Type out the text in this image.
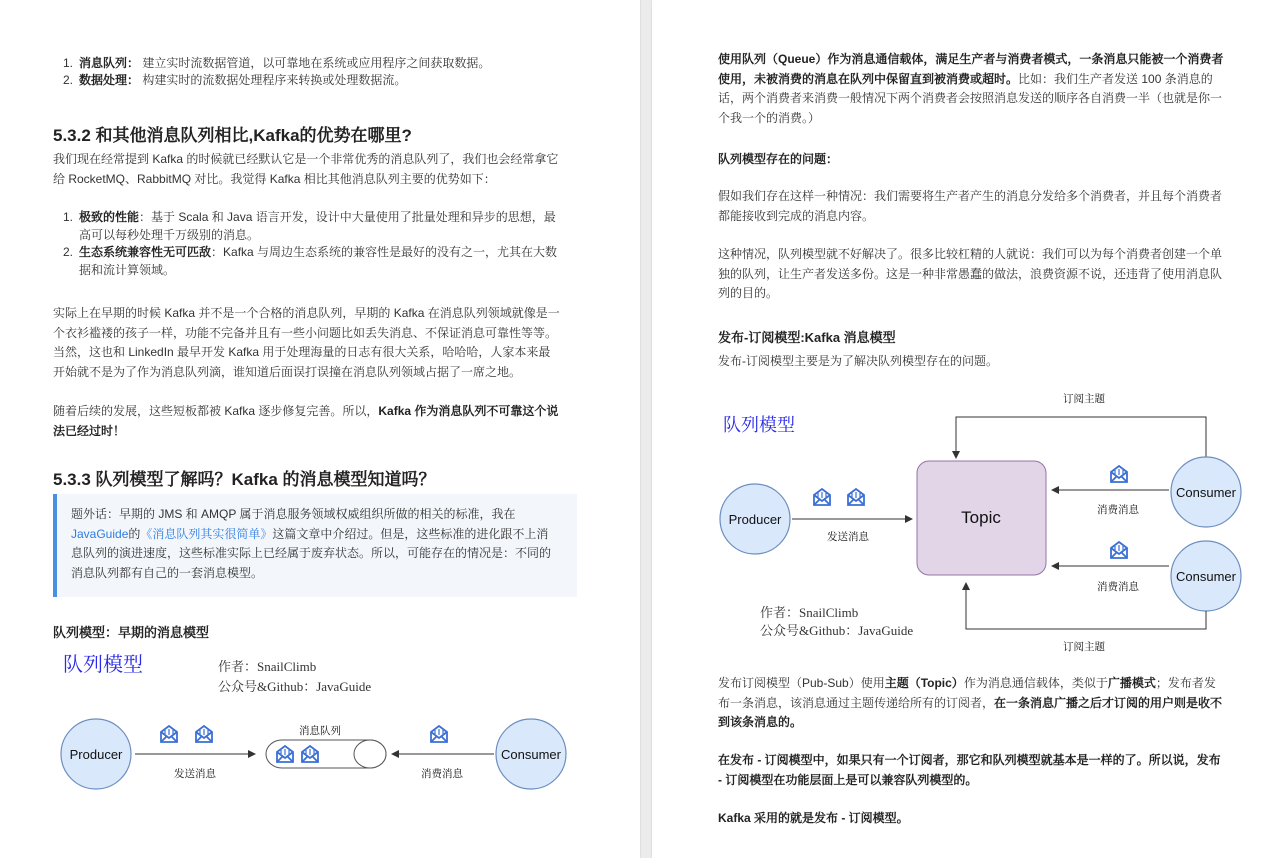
1. 消息队列： 建立实时流数据管道，以可靠地在系统或应用程序之间获取数据。
2. 数据处理： 构建实时的流数据处理程序来转换或处理数据流。
5.3.2 和其他消息队列相比,Kafka的优势在哪里?

我们现在经常提到 Kafka 的时候就已经默认它是一个非常优秀的消息队列了，我们也会经常拿它
给 RocketMQ、RabbitMQ 对比。我觉得 Kafka 相比其他消息队列主要的优势如下：

1. 极致的性能：基于 Scala 和 Java 语言开发，设计中大量使用了批量处理和异步的思想，最
高可以每秒处理千万级别的消息。
2. 生态系统兼容性无可匹敌：Kafka 与周边生态系统的兼容性是最好的没有之一，尤其在大数
据和流计算领域。

实际上在早期的时候 Kafka 并不是一个合格的消息队列，早期的 Kafka 在消息队列领域就像是一
个衣衫褴褛的孩子一样，功能不完备并且有一些小问题比如丢失消息、不保证消息可靠性等等。
当然，这也和 LinkedIn 最早开发 Kafka 用于处理海量的日志有很大关系，哈哈哈，人家本来最
开始就不是为了作为消息队列滴，谁知道后面误打误撞在消息队列领域占据了一席之地。

随着后续的发展，这些短板都被 Kafka 逐步修复完善。所以，Kafka 作为消息队列不可靠这个说
法已经过时！

5.3.3 队列模型了解吗？Kafka 的消息模型知道吗？
题外话：早期的 JMS 和 AMQP 属于消息服务领域权威组织所做的相关的标准，我在
JavaGuide的《消息队列其实很简单》这篇文章中介绍过。但是，这些标准的进化跟不上消
息队列的演进速度，这些标准实际上已经属于废弃状态。所以，可能存在的情况是：不同的
消息队列都有自己的一套消息模型。
队列模型：早期的消息模型
队列模型	作者：SnailClimb
公众号&Github：JavaGuide
Producer	Consumer
发送消息
消息队列
消费消息

使用队列（Queue）作为消息通信载体，满足生产者与消费者模式，一条消息只能被一个消费者
使用，未被消费的消息在队列中保留直到被消费或超时。比如：我们生产者发送 100 条消息的
话，两个消费者来消费一般情况下两个消费者会按照消息发送的顺序各自消费一半（也就是你一
个我一个的消费。）

队列模型存在的问题：

假如我们存在这样一种情况：我们需要将生产者产生的消息分发给多个消费者，并且每个消费者
都能接收到完成的消息内容。

这种情况，队列模型就不好解决了。很多比较杠精的人就说：我们可以为每个消费者创建一个单
独的队列，让生产者发送多份。这是一种非常愚蠢的做法，浪费资源不说，还违背了使用消息队
列的目的。

发布-订阅模型:Kafka 消息模型

发布-订阅模型主要是为了解决队列模型存在的问题。

队列模型
订阅主题
Topic
Producer
发送消息
Consumer
消费消息
Consumer
消费消息
订阅主题
作者：SnailClimb
公众号&Github：JavaGuide

发布订阅模型（Pub-Sub）使用主题（Topic）作为消息通信载体，类似于广播模式；发布者发
布一条消息，该消息通过主题传递给所有的订阅者，在一条消息广播之后才订阅的用户则是收不
到该条消息的。

在发布 - 订阅模型中，如果只有一个订阅者，那它和队列模型就基本是一样的了。所以说，发布
- 订阅模型在功能层面上是可以兼容队列模型的。

Kafka 采用的就是发布 - 订阅模型。
